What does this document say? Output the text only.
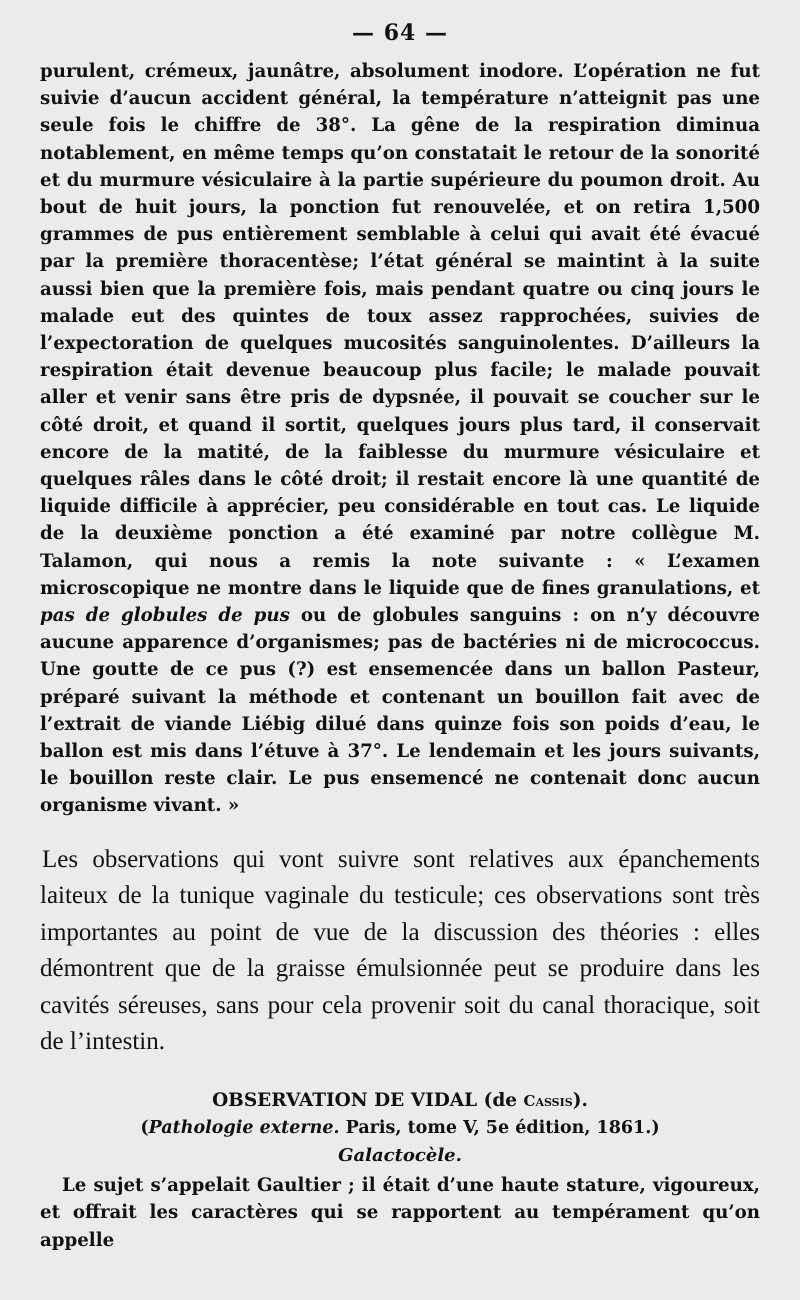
— 64 —

purulent, crémeux, jaunâtre, absolument inodore. L’opération ne fut suivie d’aucun accident général, la température n’atteignit pas une seule fois le chiffre de 38°. La gêne de la respiration diminua notablement, en même temps qu’on constatait le retour de la sonorité et du murmure vésiculaire à la partie supérieure du poumon droit. Au bout de huit jours, la ponction fut renouvelée, et on retira 1,500 grammes de pus entièrement semblable à celui qui avait été évacué par la première thoracentèse; l’état général se maintint à la suite aussi bien que la première fois, mais pendant quatre ou cinq jours le malade eut des quintes de toux assez rapprochées, suivies de l’expectoration de quelques mucosités sanguinolentes. D’ailleurs la respiration était devenue beaucoup plus facile; le malade pouvait aller et venir sans être pris de dypsnée, il pouvait se coucher sur le côté droit, et quand il sortit, quelques jours plus tard, il conservait encore de la matité, de la faiblesse du murmure vésiculaire et quelques râles dans le côté droit; il restait encore là une quantité de liquide difficile à apprécier, peu considérable en tout cas. Le liquide de la deuxième ponction a été examiné par notre collègue M. Talamon, qui nous a remis la note suivante : « L’examen microscopique ne montre dans le liquide que de fines granulations, et pas de globules de pus ou de globules sanguins : on n’y découvre aucune apparence d’organismes; pas de bactéries ni de micrococcus. Une goutte de ce pus (?) est ensemencée dans un ballon Pasteur, préparé suivant la méthode et contenant un bouillon fait avec de l’extrait de viande Liébig dilué dans quinze fois son poids d’eau, le ballon est mis dans l’étuve à 37°. Le lendemain et les jours suivants, le bouillon reste clair. Le pus ensemencé ne contenait donc aucun organisme vivant. »

Les observations qui vont suivre sont relatives aux épanchements laiteux de la tunique vaginale du testicule; ces observations sont très importantes au point de vue de la discussion des théories : elles démontrent que de la graisse émulsionnée peut se produire dans les cavités séreuses, sans pour cela provenir soit du canal thoracique, soit de l’intestin.

OBSERVATION DE VIDAL (de Cassis).
(Pathologie externe. Paris, tome V, 5e édition, 1861.)
Galactocèle.
Le sujet s’appelait Gaultier ; il était d’une haute stature, vigoureux, et offrait les caractères qui se rapportent au tempérament qu’on appelle
